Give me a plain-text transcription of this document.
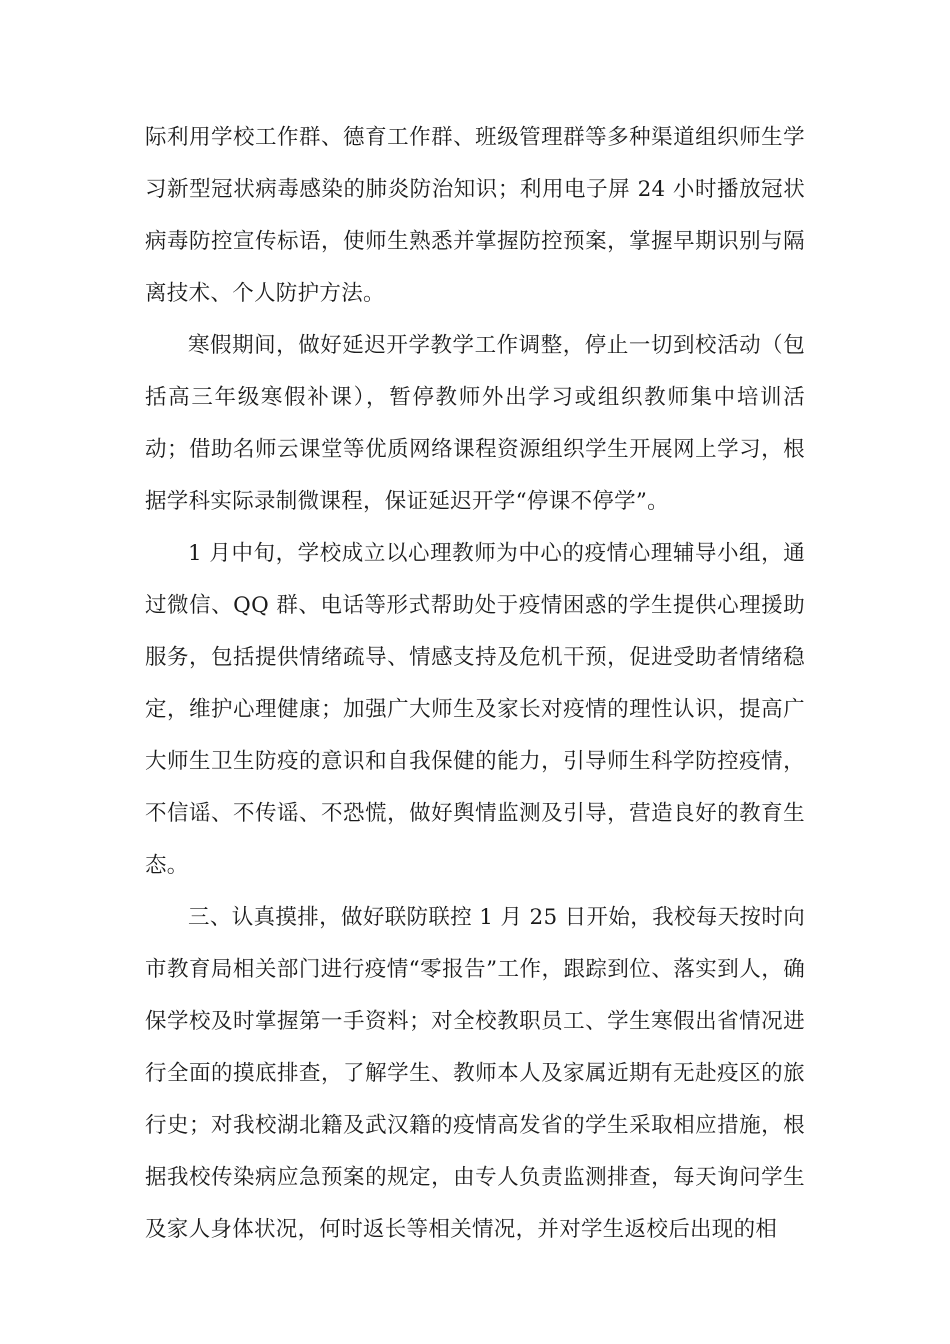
际利用学校工作群、德育工作群、班级管理群等多种渠道组织师生学习新型冠状病毒感染的肺炎防治知识；利用电子屏 24 小时播放冠状病毒防控宣传标语，使师生熟悉并掌握防控预案，掌握早期识别与隔离技术、个人防护方法。

寒假期间，做好延迟开学教学工作调整，停止一切到校活动（包括高三年级寒假补课），暂停教师外出学习或组织教师集中培训活动；借助名师云课堂等优质网络课程资源组织学生开展网上学习，根据学科实际录制微课程，保证延迟开学“停课不停学”。

1 月中旬，学校成立以心理教师为中心的疫情心理辅导小组，通过微信、QQ 群、电话等形式帮助处于疫情困惑的学生提供心理援助服务，包括提供情绪疏导、情感支持及危机干预，促进受助者情绪稳定，维护心理健康；加强广大师生及家长对疫情的理性认识，提高广大师生卫生防疫的意识和自我保健的能力，引导师生科学防控疫情，不信谣、不传谣、不恐慌，做好舆情监测及引导，营造良好的教育生态。

三、认真摸排，做好联防联控 1 月 25 日开始，我校每天按时向市教育局相关部门进行疫情“零报告”工作，跟踪到位、落实到人，确保学校及时掌握第一手资料；对全校教职员工、学生寒假出省情况进行全面的摸底排查，了解学生、教师本人及家属近期有无赴疫区的旅行史；对我校湖北籍及武汉籍的疫情高发省的学生采取相应措施，根据我校传染病应急预案的规定，由专人负责监测排查，每天询问学生及家人身体状况，何时返长等相关情况，并对学生返校后出现的相
